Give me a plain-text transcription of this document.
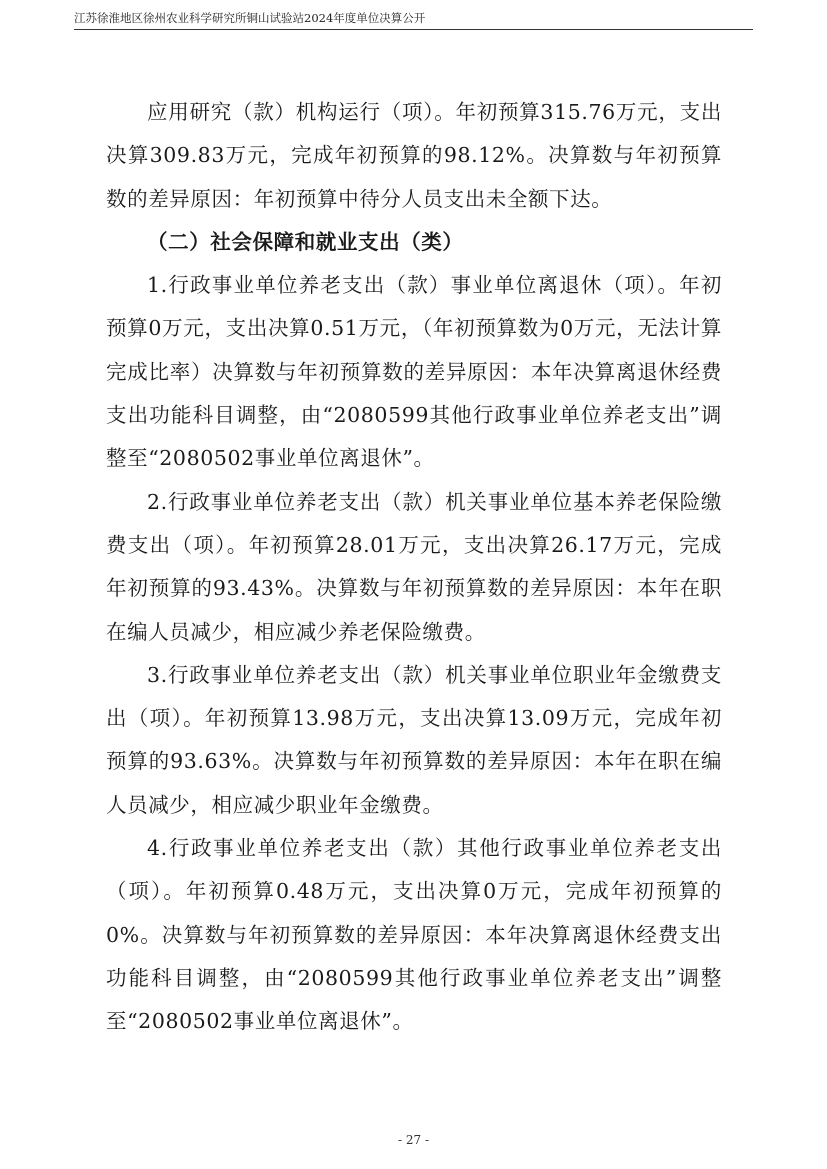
江苏徐淮地区徐州农业科学研究所铜山试验站2024年度单位决算公开

应用研究（款）机构运行（项）。年初预算315.76万元，支出决算309.83万元，完成年初预算的98.12%。决算数与年初预算数的差异原因：年初预算中待分人员支出未全额下达。

（二）社会保障和就业支出（类）

1.行政事业单位养老支出（款）事业单位离退休（项）。年初预算0万元，支出决算0.51万元，（年初预算数为0万元，无法计算完成比率）决算数与年初预算数的差异原因：本年决算离退休经费支出功能科目调整，由“2080599其他行政事业单位养老支出”调整至“2080502事业单位离退休”。

2.行政事业单位养老支出（款）机关事业单位基本养老保险缴费支出（项）。年初预算28.01万元，支出决算26.17万元，完成年初预算的93.43%。决算数与年初预算数的差异原因：本年在职在编人员减少，相应减少养老保险缴费。

3.行政事业单位养老支出（款）机关事业单位职业年金缴费支出（项）。年初预算13.98万元，支出决算13.09万元，完成年初预算的93.63%。决算数与年初预算数的差异原因：本年在职在编人员减少，相应减少职业年金缴费。

4.行政事业单位养老支出（款）其他行政事业单位养老支出（项）。年初预算0.48万元，支出决算0万元，完成年初预算的0%。决算数与年初预算数的差异原因：本年决算离退休经费支出功能科目调整，由“2080599其他行政事业单位养老支出”调整至“2080502事业单位离退休”。

- 27 -
